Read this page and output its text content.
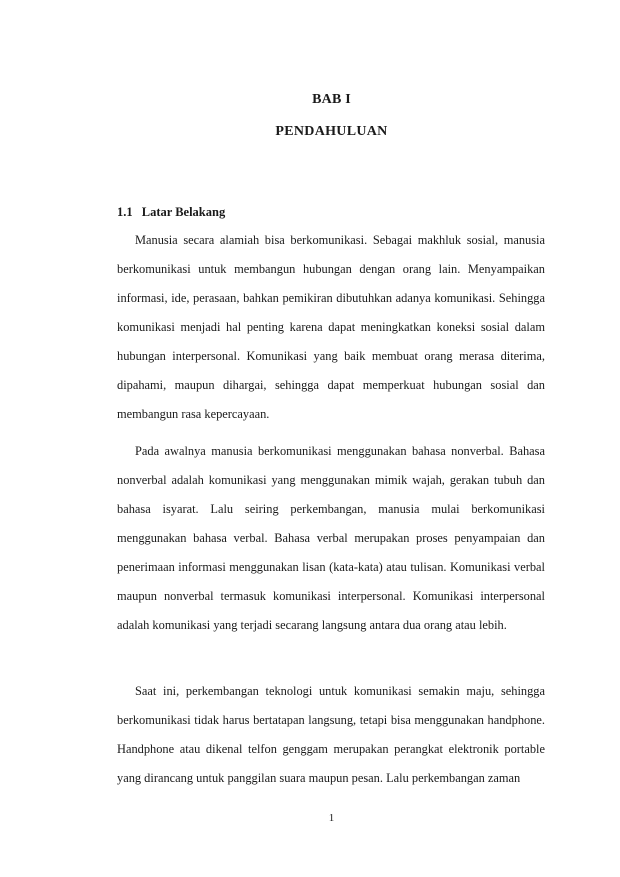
BAB I
PENDAHULUAN
1.1 Latar Belakang

Manusia secara alamiah bisa berkomunikasi. Sebagai makhluk sosial, manusia berkomunikasi untuk membangun hubungan dengan orang lain. Menyampaikan informasi, ide, perasaan, bahkan pemikiran dibutuhkan adanya komunikasi. Sehingga komunikasi menjadi hal penting karena dapat meningkatkan koneksi sosial dalam hubungan interpersonal. Komunikasi yang baik membuat orang merasa diterima, dipahami, maupun dihargai, sehingga dapat memperkuat hubungan sosial dan membangun rasa kepercayaan.

Pada awalnya manusia berkomunikasi menggunakan bahasa nonverbal. Bahasa nonverbal adalah komunikasi yang menggunakan mimik wajah, gerakan tubuh dan bahasa isyarat. Lalu seiring perkembangan, manusia mulai berkomunikasi menggunakan bahasa verbal. Bahasa verbal merupakan proses penyampaian dan penerimaan informasi menggunakan lisan (kata-kata) atau tulisan. Komunikasi verbal maupun nonverbal termasuk komunikasi interpersonal. Komunikasi interpersonal adalah komunikasi yang terjadi secarang langsung antara dua orang atau lebih.

Saat ini, perkembangan teknologi untuk komunikasi semakin maju, sehingga berkomunikasi tidak harus bertatapan langsung, tetapi bisa menggunakan handphone. Handphone atau dikenal telfon genggam merupakan perangkat elektronik portable yang dirancang untuk panggilan suara maupun pesan. Lalu perkembangan zaman

1
